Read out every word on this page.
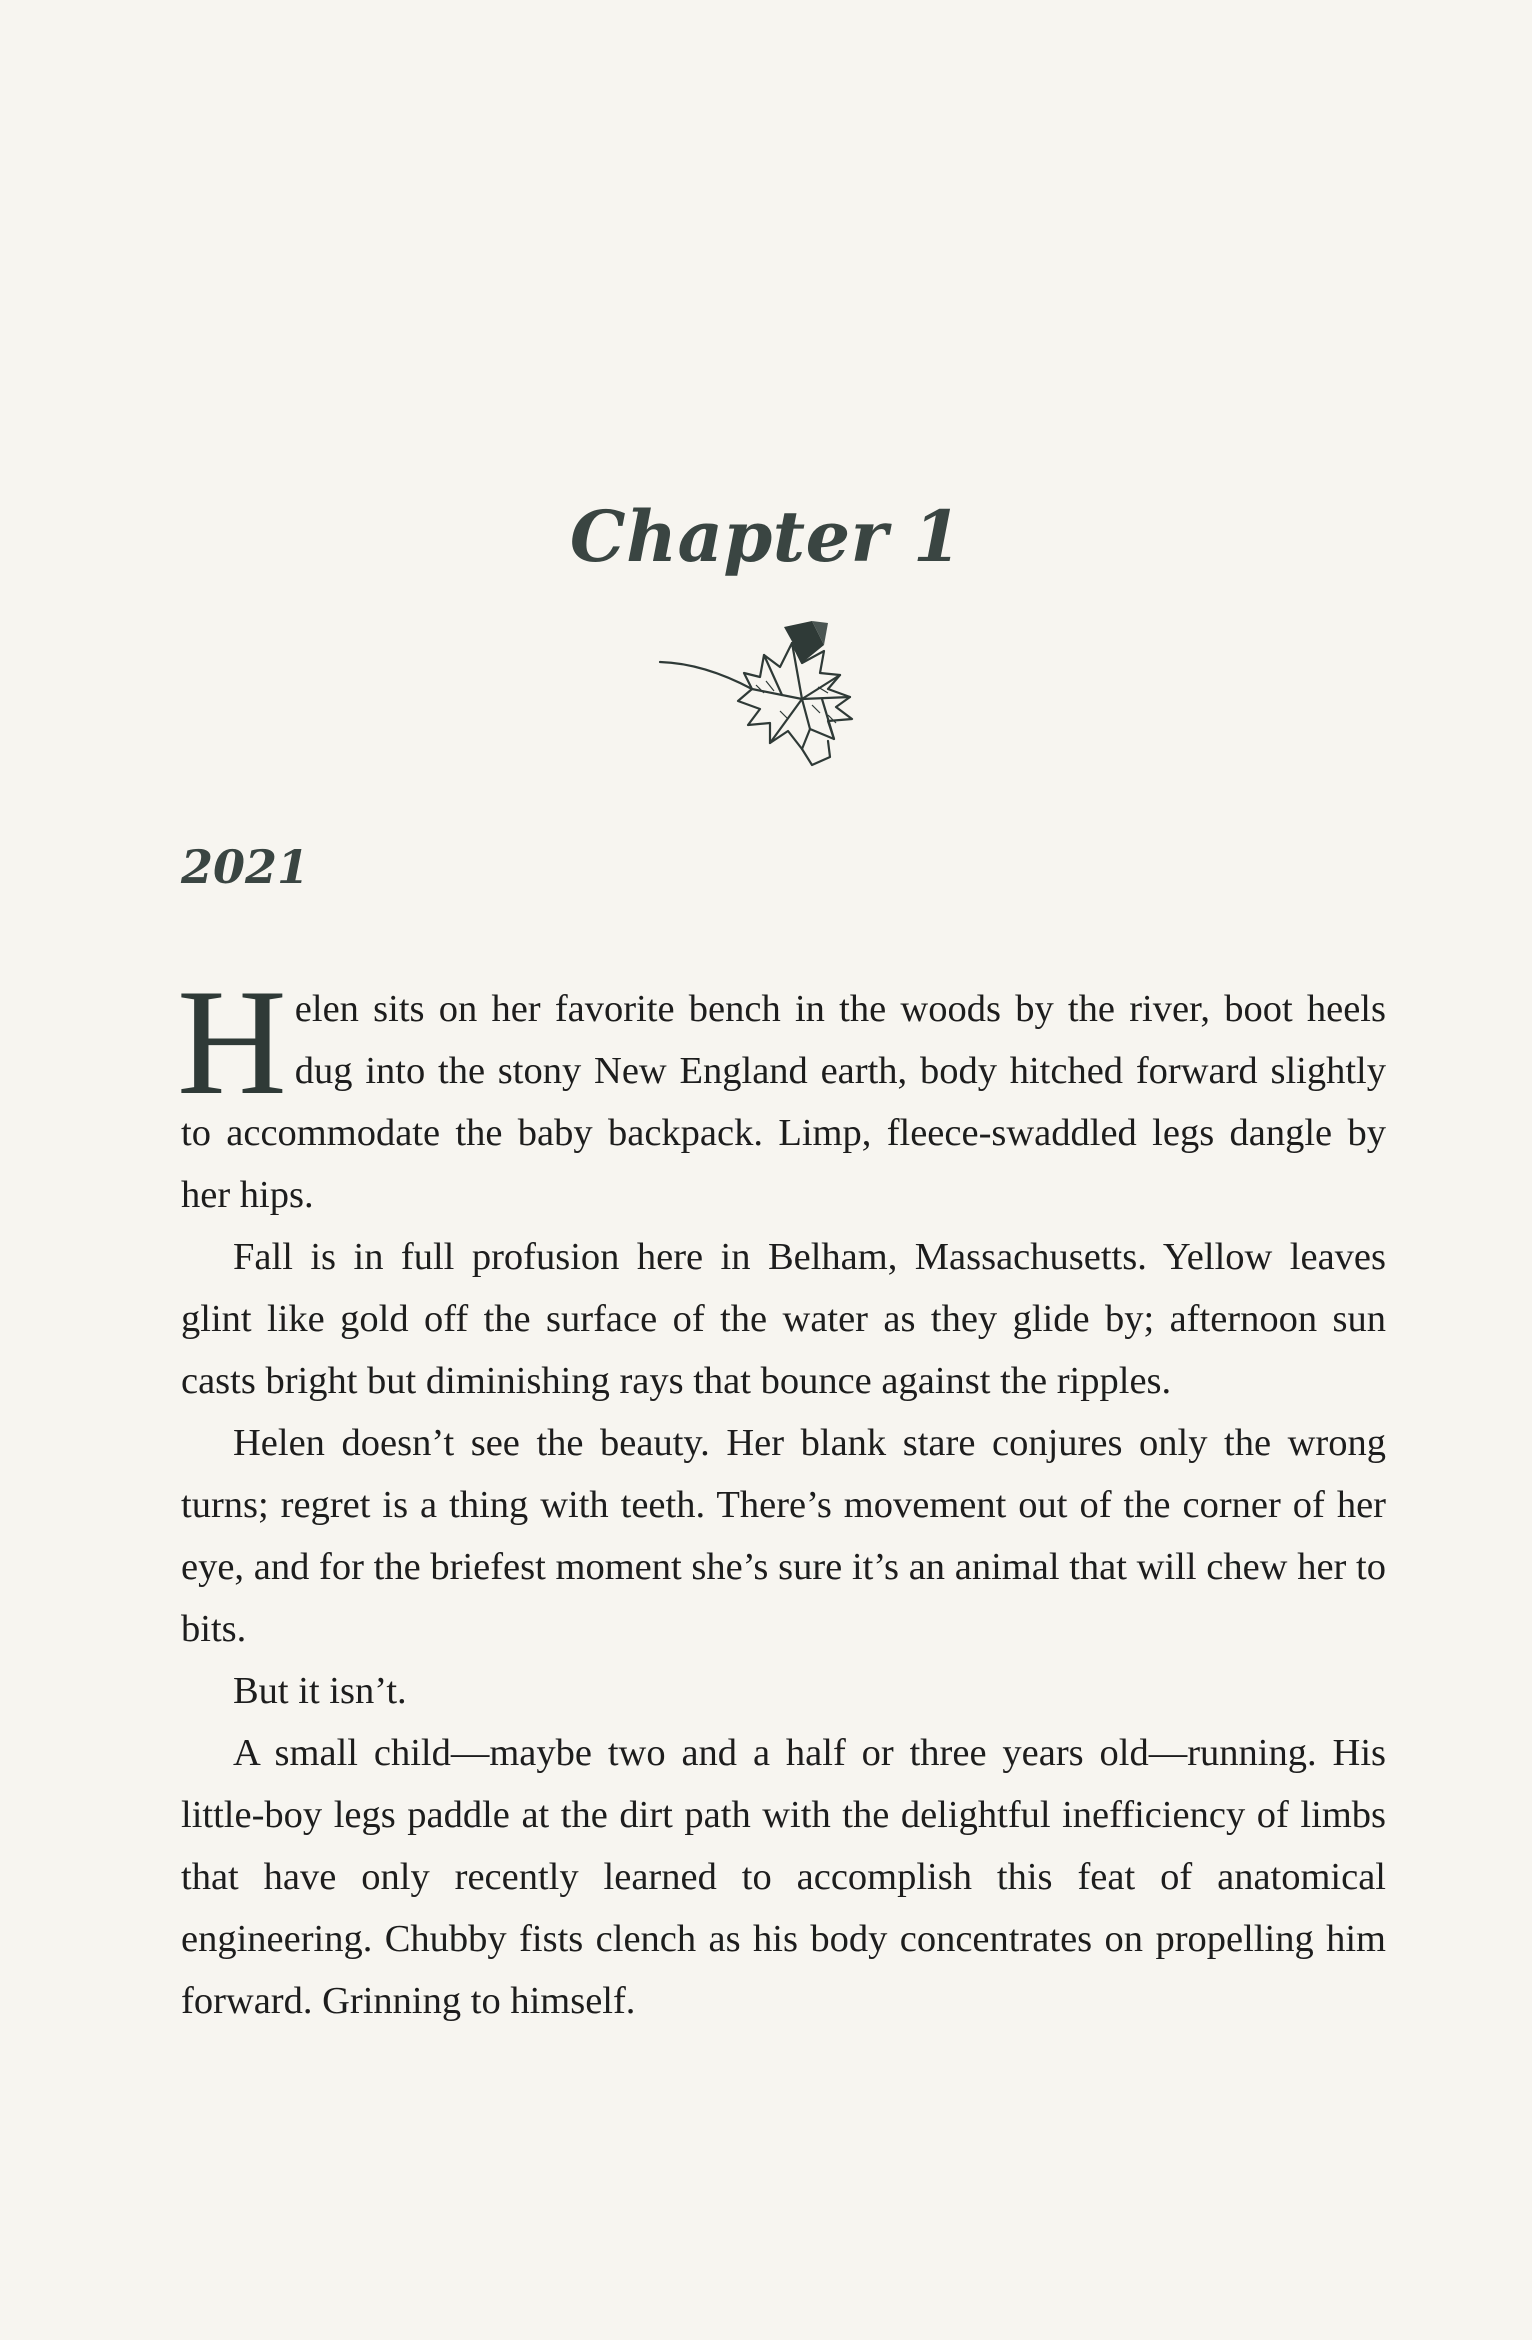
Chapter 1
2021

Helen sits on her favorite bench in the woods by the river, boot heels dug into the stony New England earth, body hitched forward slightly to accommodate the baby backpack. Limp, fleece-swaddled legs dangle by her hips.

Fall is in full profusion here in Belham, Massachusetts. Yellow leaves glint like gold off the surface of the water as they glide by; afternoon sun casts bright but diminishing rays that bounce against the ripples.

Helen doesn’t see the beauty. Her blank stare conjures only the wrong turns; regret is a thing with teeth. There’s movement out of the corner of her eye, and for the briefest moment she’s sure it’s an animal that will chew her to bits.

But it isn’t.

A small child—maybe two and a half or three years old—running. His little-boy legs paddle at the dirt path with the delightful inefficiency of limbs that have only recently learned to accomplish this feat of anatomical engineering. Chubby fists clench as his body concentrates on propelling him forward. Grinning to himself.
